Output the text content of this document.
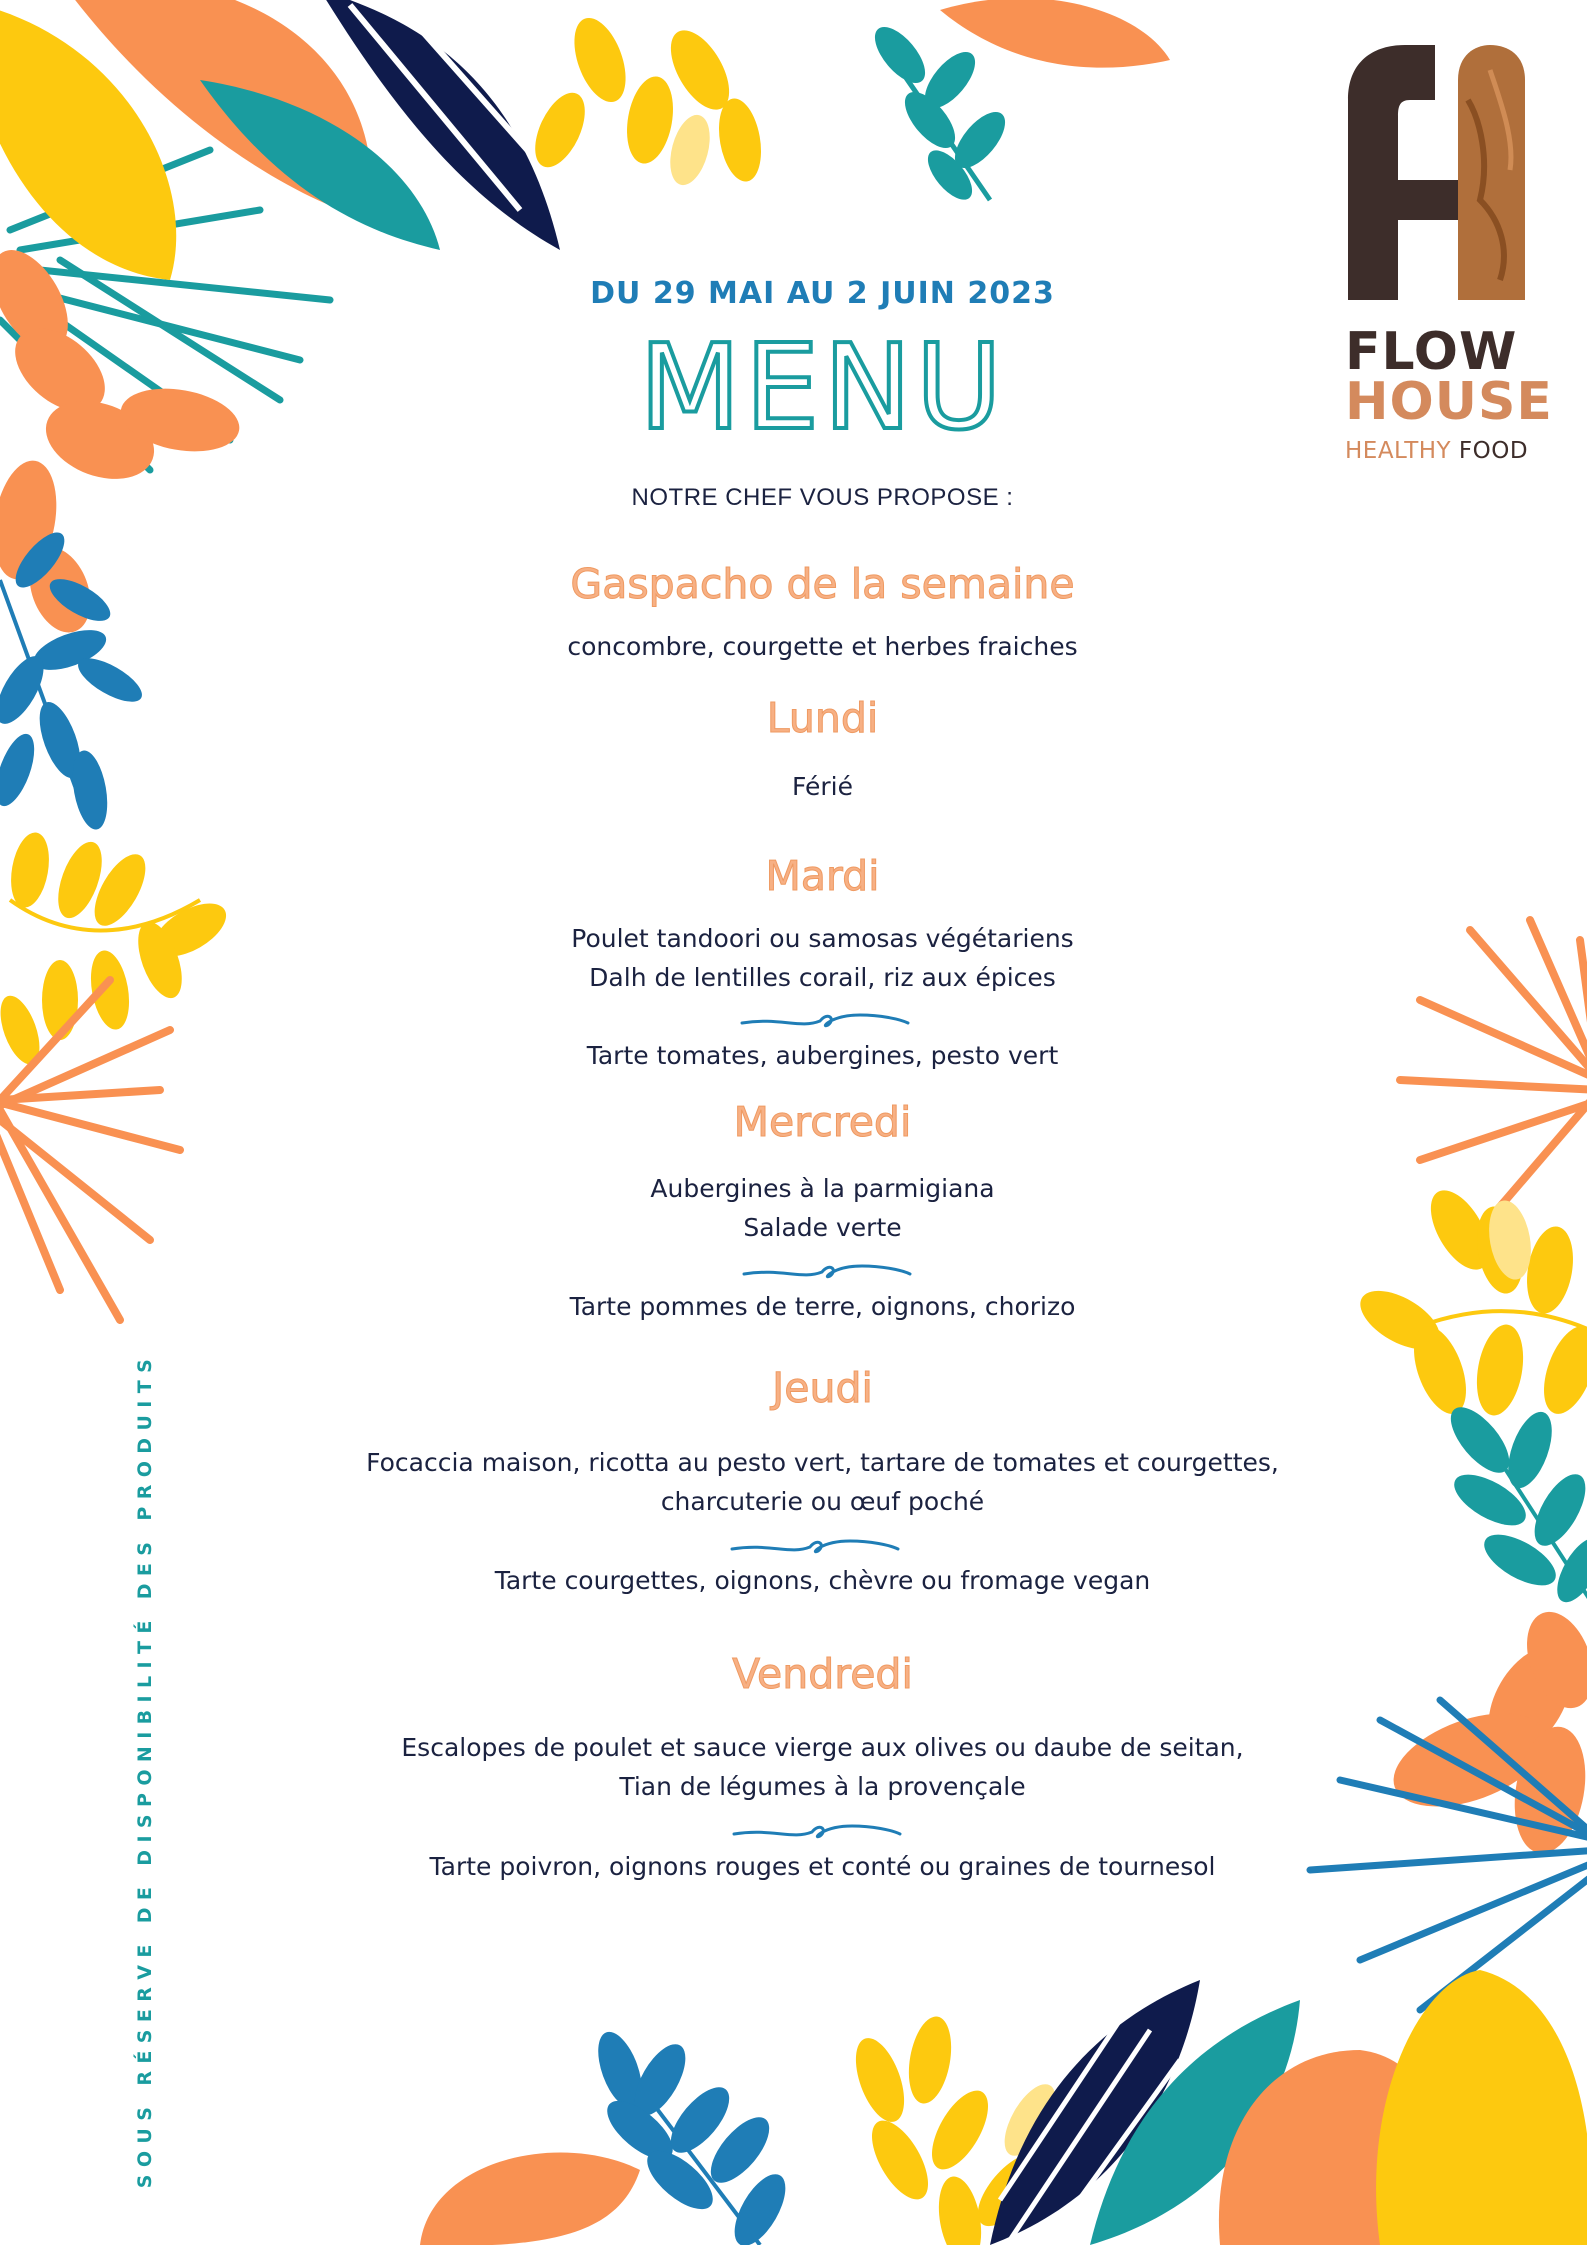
FLOW
HOUSE
HEALTHY FOOD
SOUS RÉSERVE DE DISPONIBILITÉ DES PRODUITS
DU 29 MAI AU 2 JUIN 2023
MENU
NOTRE CHEF VOUS PROPOSE :
Gaspacho de la semaine
concombre, courgette et herbes fraiches
Lundi
Férié
Mardi
Poulet tandoori ou samosas végétariens
Dalh de lentilles corail, riz aux épices
Tarte tomates, aubergines, pesto vert
Mercredi
Aubergines à la parmigiana
Salade verte
Tarte pommes de terre, oignons, chorizo
Jeudi
Focaccia maison, ricotta au pesto vert, tartare de tomates et courgettes,
charcuterie ou œuf poché
Tarte courgettes, oignons, chèvre ou fromage vegan
Vendredi
Escalopes de poulet et sauce vierge aux olives ou daube de seitan,
Tian de légumes à la provençale
Tarte poivron, oignons rouges et conté ou graines de tournesol
